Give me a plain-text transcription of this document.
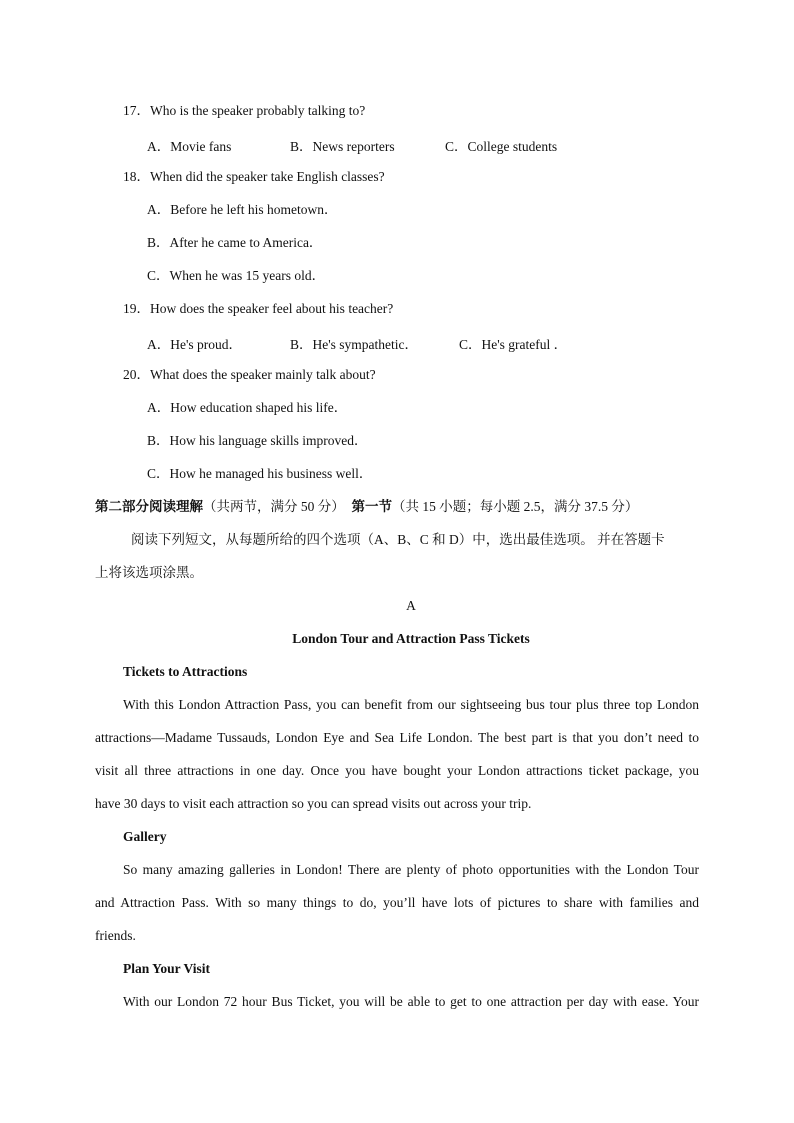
17．Who is the speaker probably talking to?
A．Movie fans	B．News reporters	C．College students
18．When did the speaker take English classes?
A．Before he left his hometown．
B．After he came to America．
C．When he was 15 years old．
19．How does the speaker feel about his teacher?
A．He's proud．	B．He's sympathetic．	C．He's grateful ．
20．What does the speaker mainly talk about?
A．How education shaped his life．
B．How his language skills improved．
C．How he managed his business well．
第二部分阅读理解（共两节，满分 50 分） 第一节（共 15 小题；每小题 2.5，满分 37.5 分）
阅读下列短文，从每题所给的四个选项（A、B、C 和 D）中，选出最佳选项。 并在答题卡
上将该选项涂黑。
A
London Tour and Attraction Pass Tickets
Tickets to Attractions
With this London Attraction Pass, you can benefit from our sightseeing bus tour plus three top London
attractions—Madame Tussauds, London Eye and Sea Life London. The best part is that you don’t need to
visit all three attractions in one day. Once you have bought your London attractions ticket package, you
have 30 days to visit each attraction so you can spread visits out across your trip.
Gallery
So many amazing galleries in London! There are plenty of photo opportunities with the London Tour
and Attraction Pass. With so many things to do, you’ll have lots of pictures to share with families and
friends.
Plan Your Visit
With our London 72 hour Bus Ticket, you will be able to get to one attraction per day with ease. Your
